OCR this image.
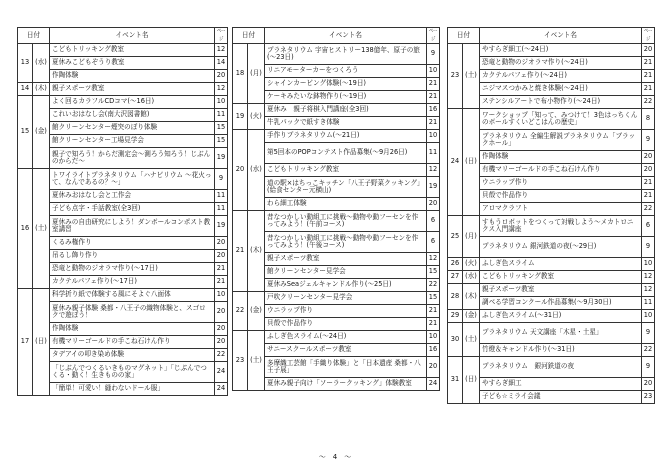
日付		イベント名	ページ
13	(水)	こどもトリッキング教室	12
		夏休みこどもぞうり教室	14
		作陶体験	20
14	(木)	親子スポーツ教室	12
15	(金)	よく回るカラフルCDコマ(～16日)	10
		これいおはなし会(南大沢図書館)	11
		館クリーンセンター煙突のぼり体験	15
		館クリーンセンター工場見学会	15
		親子で知ろう！からだ測定会～測ろう知ろう！じぶんのからだ～	19
16	(土)	トワイライトプラネタリウム「ハナビリウム ～花火って、なんであるの？～」	9
		夏休みおはなし会と工作会	11
		子ども点字・手話教室(全3回)	11
		夏休みの自由研究にしよう！ダンボールコンポスト教室講習	19
		くるみ権作り	20
		吊るし飾り作り	20
		恐竜と動物のジオラマ作り(～17日)	21
		カクテルパフェ作り(～17日)	21
17	(日)	科学折り紙で体験する風にそよぐ八面体	10
		夏休み親子体験 桑都・八王子の織物体験と、スゴロクで遊ぼう！	20
		作陶体験	20
		有機マリーゴールドの手こね石けん作り	20
		タデアイの叩き染め体験	22
		「じぶんでつくるいきものマグネット」「じぶんでつくる・動く！生きものの家」	24
		「簡単！可愛い！縫わないドール服」	24
日付		イベント名	ページ
18	(月)	プラネタリウム 宇宙ヒストリー138億年、原子の旅(～23日)	9
		リニアモーターカーをつくろう	10
		シャインカービング体験(～19日)	21
		ケーキみたいな鉢物作り(～19日)	21
19	(火)	夏休み　親子将棋入門講座(全3回)	16
		牛乳パックで紙すき体験	21
20	(水)	手作りプラネタリウム(～21日)	10
		第5回本のPOPコンテスト作品募集(～9月26日)	11
		こどもトリッキング教室	12
		道の駅×はちっこキッチン「八王子野菜クッキング」(給食センター元横山)	19
		わら細工体験	20
21	(木)	昔なつかしい動組工に挑戦～動物や動フーセンを作ってみよう！(午前コース)	6
		昔なつかしい動組工に挑戦～動物や動フーセンを作ってみよう！(午後コース)	6
		親子スポーツ教室	12
		館クリーンセンター見学会	15
		夏休みSeaジェルキャンドル作り(～25日)	22
22	(金)	戸吹クリーンセンター見学会	15
		ウニラップ作り	21
		貝殻で作品作り	21
23	(土)	ふしぎ色スライム(～24日)	10
		サニースクールスポーツ教室	16
		多摩織工芸館「手織り体験」と「日本遺産 桑都・八王子展」	20
		夏休み親子向け「ソーラークッキング」体験教室	24
日付		イベント名	ページ
23	(土)	やすらぎ細工(～24日)	20
		恐竜と動物のジオラマ作り(～24日)	21
		カクテルパフェ作り(～24日)	21
		ニジマスつかみと焼き体験(～24日)	21
		ステンシルアートで布小物作り(～24日)	22
24	(日)	ワークショップ「知って、みつけて！3色はっちくんのボールすくいどこはんの歴史」	8
		プラネタリウム 全編生解説プラネタリウム「ブラックホール」	9
		作陶体験	20
		有機マリーゴールドの手こね石けん作り	20
		ウニラップ作り	21
		貝殻で作品作り	21
		アロマクラフト	22
25	(月)	すもうロボットをつくって対戦しよう～メカトロニクス入門講座	6
		プラネタリウム 銀河鉄道の夜(～29日)	9
26	(火)	ふしぎ色スライム	10
27	(水)	こどもトリッキング教室	12
28	(木)	親子スポーツ教室	12
		調べる学習コンクール作品募集(～9月30日)	11
29	(金)	ふしぎ色スライム(～31日)	10
30	(土)	プラネタリウム 天文講座「木星・土星」	9
		竹燈＆キャンドル作り(～31日)	22
31	(日)	プラネタリウム　銀河鉄道の夜	9
		やすらぎ細工	20
		子ども☆ミライ会議	23
～　4　～
